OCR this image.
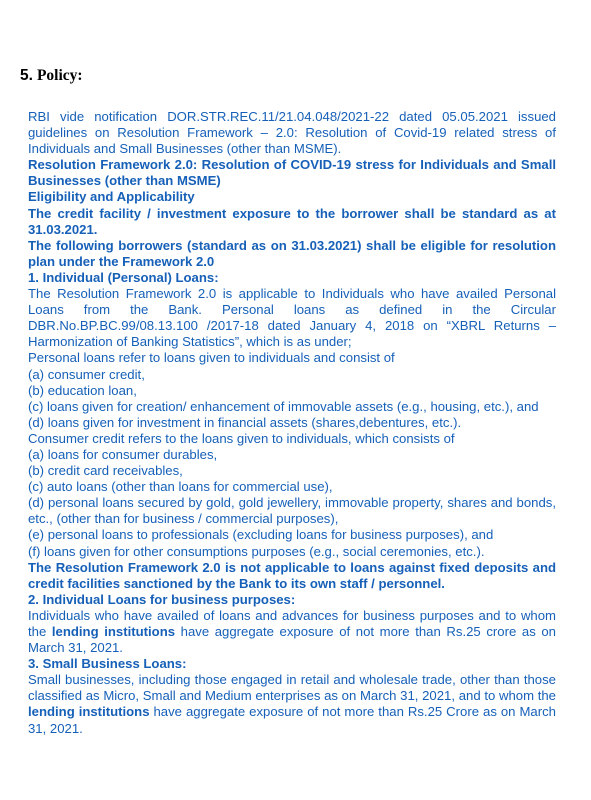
5. Policy:

RBI vide notification DOR.STR.REC.11/21.04.048/2021-22 dated 05.05.2021 issued guidelines on Resolution Framework – 2.0: Resolution of Covid-19 related stress of Individuals and Small Businesses (other than MSME).

Resolution Framework 2.0: Resolution of COVID-19 stress for Individuals and Small Businesses (other than MSME)

Eligibility and Applicability

The credit facility / investment exposure to the borrower shall be standard as at 31.03.2021.

The following borrowers (standard as on 31.03.2021) shall be eligible for resolution plan under the Framework 2.0

1. Individual (Personal) Loans:

The Resolution Framework 2.0 is applicable to Individuals who have availed Personal Loans from the Bank. Personal loans as defined in the Circular DBR.No.BP.BC.99/08.13.100 /2017-18 dated January 4, 2018 on “XBRL Returns – Harmonization of Banking Statistics”, which is as under;

Personal loans refer to loans given to individuals and consist of

(a) consumer credit,

(b) education loan,

(c) loans given for creation/ enhancement of immovable assets (e.g., housing, etc.), and

(d) loans given for investment in financial assets (shares,debentures, etc.).

Consumer credit refers to the loans given to individuals, which consists of

(a) loans for consumer durables,

(b) credit card receivables,

(c) auto loans (other than loans for commercial use),

(d) personal loans secured by gold, gold jewellery, immovable property, shares and bonds, etc., (other than for business / commercial purposes),

(e) personal loans to professionals (excluding loans for business purposes), and

(f) loans given for other consumptions purposes (e.g., social ceremonies, etc.).

The Resolution Framework 2.0 is not applicable to loans against fixed deposits and credit facilities sanctioned by the Bank to its own staff / personnel.

2. Individual Loans for business purposes:

Individuals who have availed of loans and advances for business purposes and to whom the lending institutions have aggregate exposure of not more than Rs.25 crore as on March 31, 2021.

3. Small Business Loans:

Small businesses, including those engaged in retail and wholesale trade, other than those classified as Micro, Small and Medium enterprises as on March 31, 2021, and to whom the lending institutions have aggregate exposure of not more than Rs.25 Crore as on March 31, 2021.
